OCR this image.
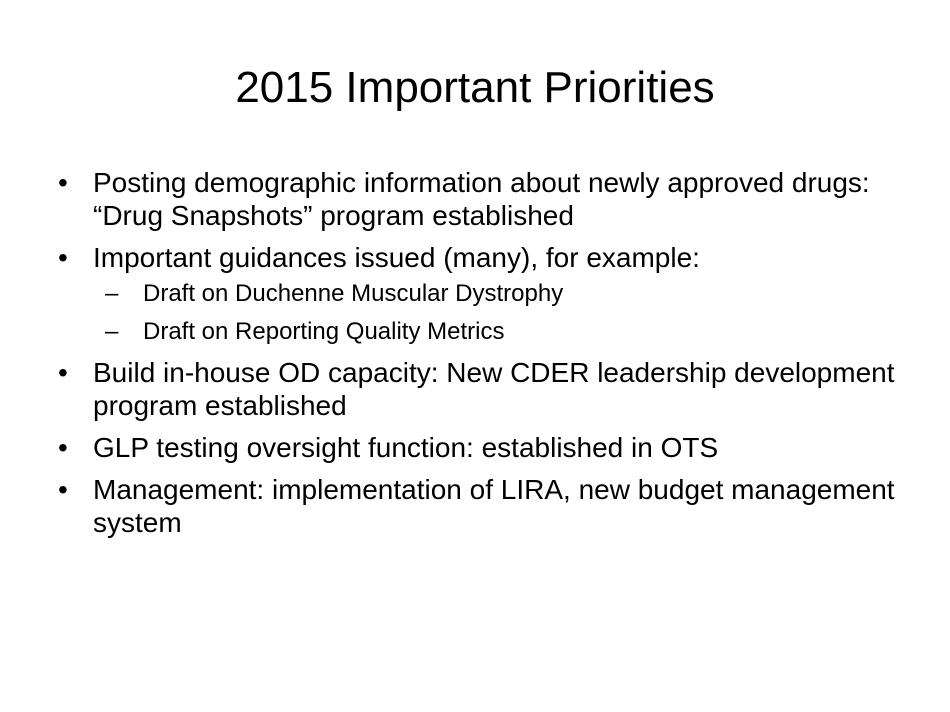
2015 Important Priorities
• Posting demographic information about newly approved drugs: “Drug Snapshots” program established
• Important guidances issued (many), for example:
– Draft on Duchenne Muscular Dystrophy
– Draft on Reporting Quality Metrics
• Build in-house OD capacity: New CDER leadership development program established
• GLP testing oversight function: established in OTS
• Management: implementation of LIRA, new budget management system
